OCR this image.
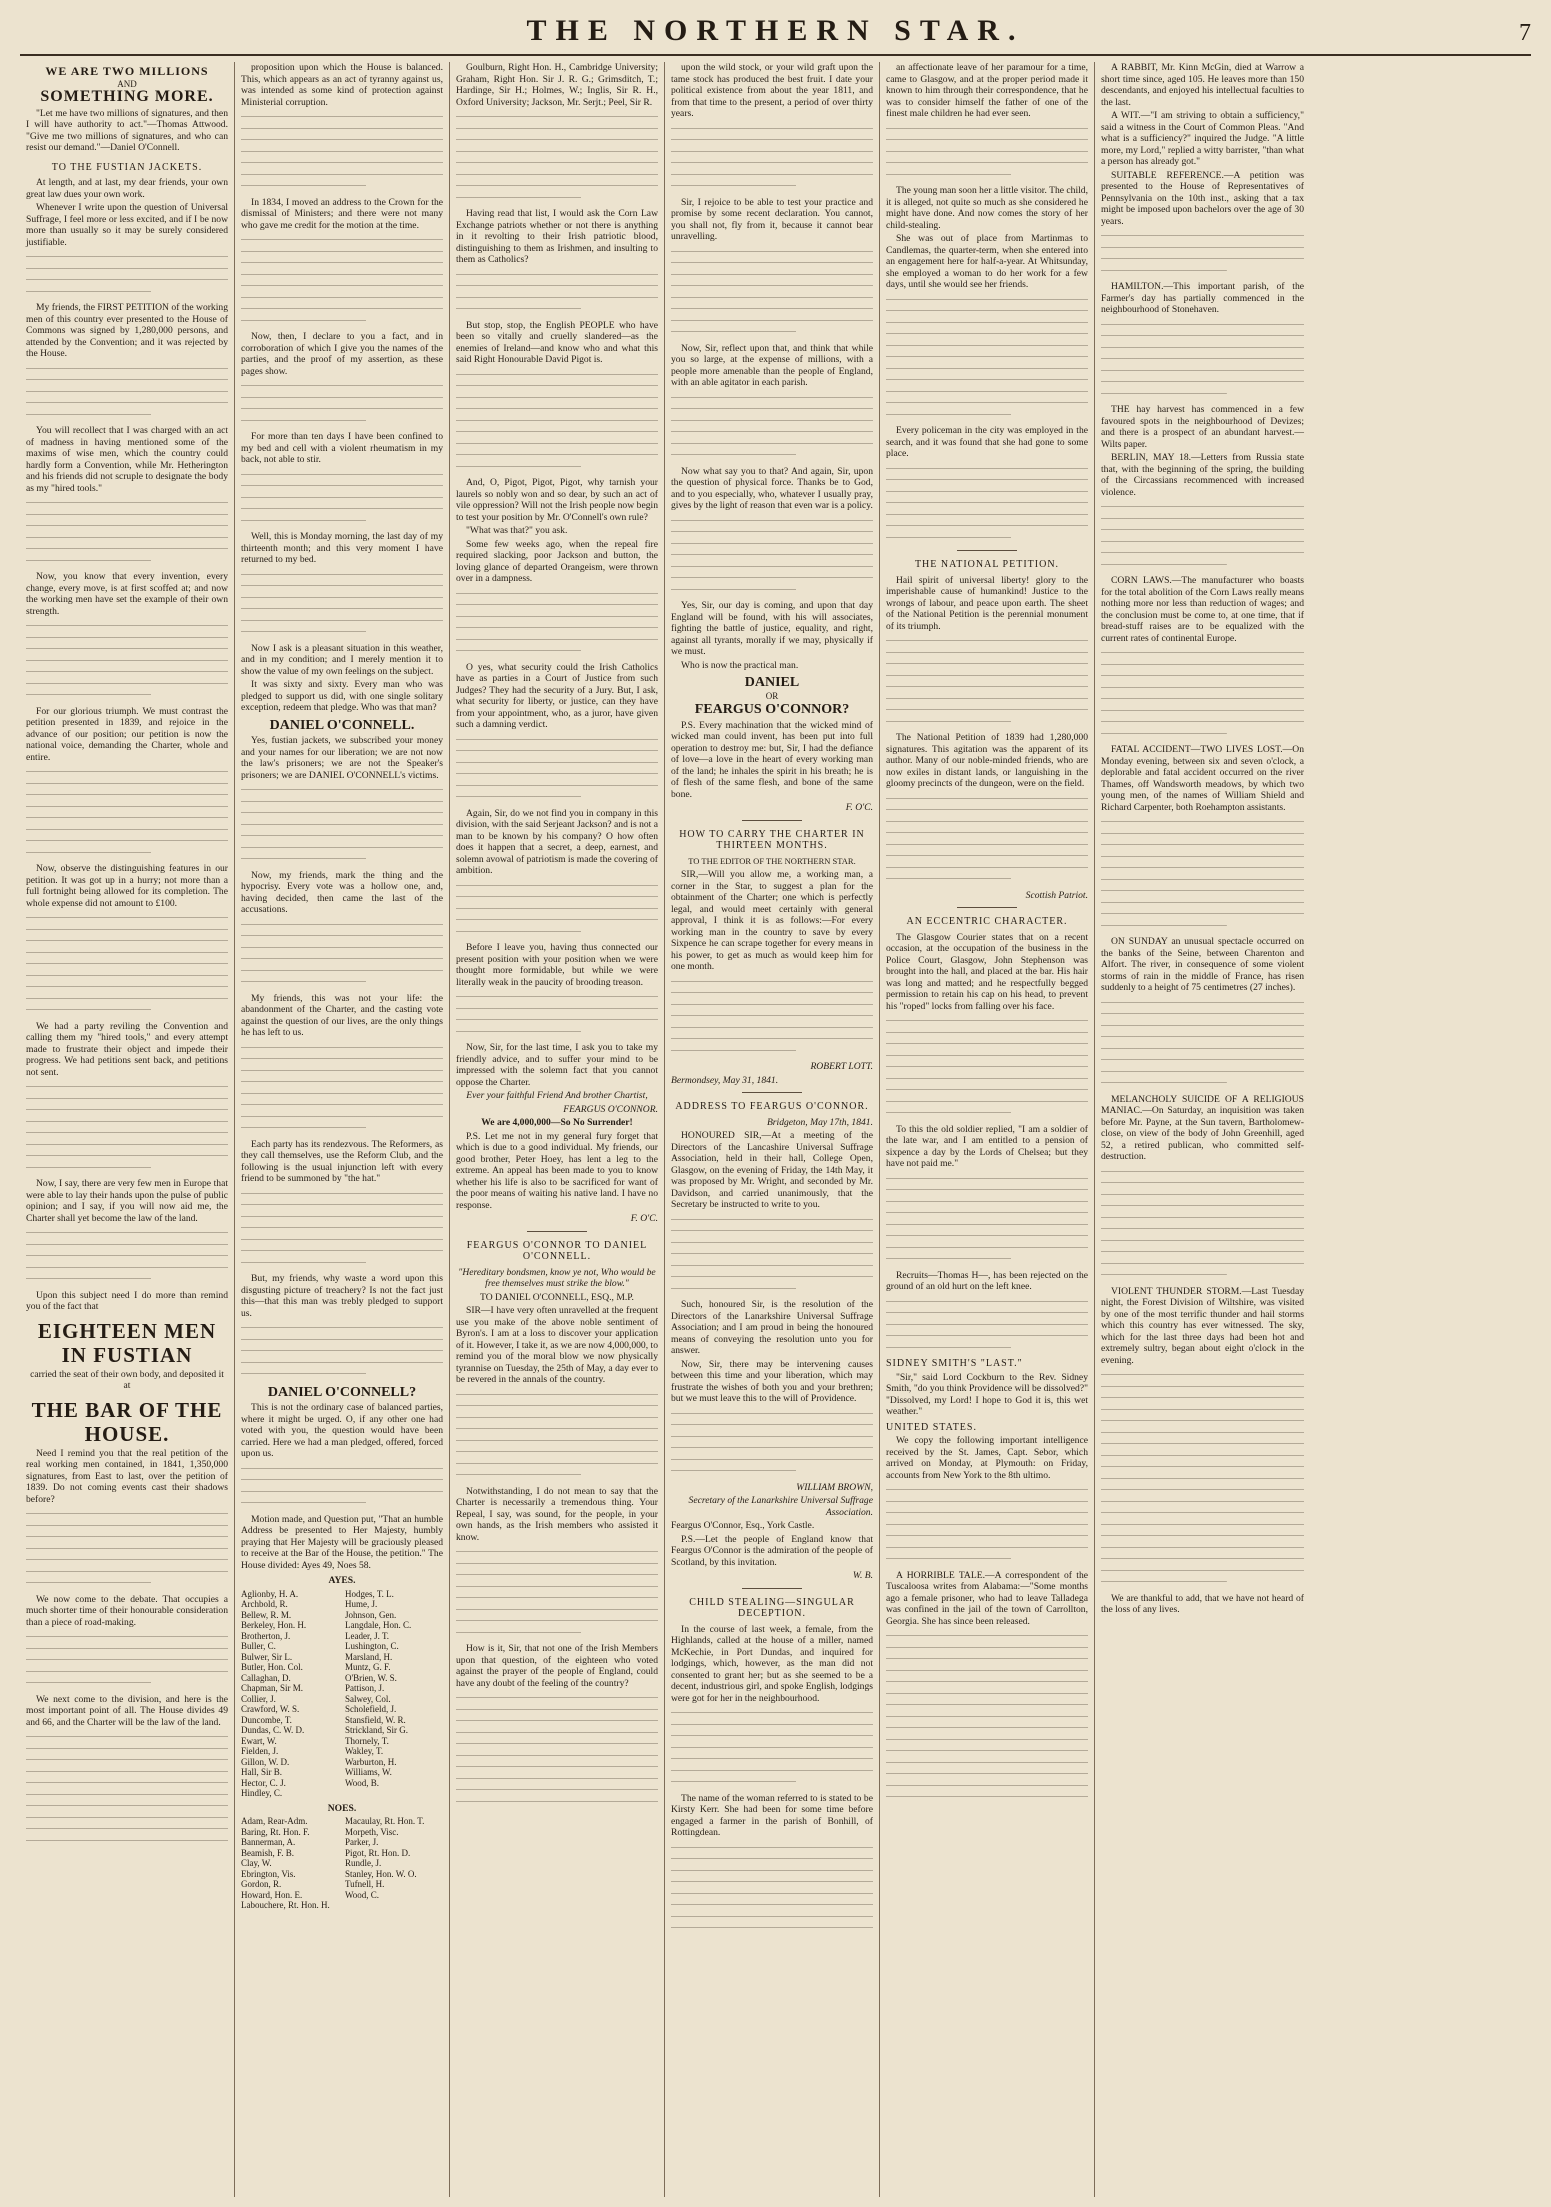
THE NORTHERN STAR.	7
WE ARE TWO MILLIONS
AND
SOMETHING MORE.

"Let me have two millions of signatures, and then I will have authority to act."—Thomas Attwood. "Give me two millions of signatures, and who can resist our demand."—Daniel O'Connell.

TO THE FUSTIAN JACKETS.

At length, and at last, my dear friends, your own great law dues your own work.

Whenever I write upon the question of Universal Suffrage, I feel more or less excited, and if I be now more than usually so it may be surely considered justifiable.

My friends, the FIRST PETITION of the working men of this country ever presented to the House of Commons was signed by 1,280,000 persons, and attended by the Convention; and it was rejected by the House.

You will recollect that I was charged with an act of madness in having mentioned some of the maxims of wise men, which the country could hardly form a Convention, while Mr. Hetherington and his friends did not scruple to designate the body as my "hired tools."

Now, you know that every invention, every change, every move, is at first scoffed at; and now the working men have set the example of their own strength.

For our glorious triumph. We must contrast the petition presented in 1839, and rejoice in the advance of our position; our petition is now the national voice, demanding the Charter, whole and entire.

Now, observe the distinguishing features in our petition. It was got up in a hurry; not more than a full fortnight being allowed for its completion. The whole expense did not amount to £100.

We had a party reviling the Convention and calling them my "hired tools," and every attempt made to frustrate their object and impede their progress. We had petitions sent back, and petitions not sent.

Now, I say, there are very few men in Europe that were able to lay their hands upon the pulse of public opinion; and I say, if you will now aid me, the Charter shall yet become the law of the land.

Upon this subject need I do more than remind you of the fact that

EIGHTEEN MEN IN FUSTIAN
carried the seat of their own body, and deposited it at
THE BAR OF THE HOUSE.

Need I remind you that the real petition of the real working men contained, in 1841, 1,350,000 signatures, from East to last, over the petition of 1839. Do not coming events cast their shadows before?

We now come to the debate. That occupies a much shorter time of their honourable consideration than a piece of road-making.

We next come to the division, and here is the most important point of all. The House divides 49 and 66, and the Charter will be the law of the land.

proposition upon which the House is balanced. This, which appears as an act of tyranny against us, was intended as some kind of protection against Ministerial corruption.

In 1834, I moved an address to the Crown for the dismissal of Ministers; and there were not many who gave me credit for the motion at the time.

Now, then, I declare to you a fact, and in corroboration of which I give you the names of the parties, and the proof of my assertion, as these pages show.

For more than ten days I have been confined to my bed and cell with a violent rheumatism in my back, not able to stir.

Well, this is Monday morning, the last day of my thirteenth month; and this very moment I have returned to my bed.

Now I ask is a pleasant situation in this weather, and in my condition; and I merely mention it to show the value of my own feelings on the subject.

It was sixty and sixty. Every man who was pledged to support us did, with one single solitary exception, redeem that pledge. Who was that man?

DANIEL O'CONNELL.

Yes, fustian jackets, we subscribed your money and your names for our liberation; we are not now the law's prisoners; we are not the Speaker's prisoners; we are DANIEL O'CONNELL's victims.

Now, my friends, mark the thing and the hypocrisy. Every vote was a hollow one, and, having decided, then came the last of the accusations.

My friends, this was not your life: the abandonment of the Charter, and the casting vote against the question of our lives, are the only things he has left to us.

Each party has its rendezvous. The Reformers, as they call themselves, use the Reform Club, and the following is the usual injunction left with every friend to be summoned by "the hat."

But, my friends, why waste a word upon this disgusting picture of treachery? Is not the fact just this—that this man was trebly pledged to support us.

DANIEL O'CONNELL?

This is not the ordinary case of balanced parties, where it might be urged. O, if any other one had voted with you, the question would have been carried. Here we had a man pledged, offered, forced upon us.

Motion made, and Question put, "That an humble Address be presented to Her Majesty, humbly praying that Her Majesty will be graciously pleased to receive at the Bar of the House, the petition." The House divided: Ayes 49, Noes 58.

AYES.
Aglionby, H. A.
Archbold, R.
Bellew, R. M.
Berkeley, Hon. H.
Brotherton, J.
Buller, C.
Bulwer, Sir L.
Butler, Hon. Col.
Callaghan, D.
Chapman, Sir M.
Collier, J.
Crawford, W. S.
Duncombe, T.
Dundas, C. W. D.
Ewart, W.
Fielden, J.
Gillon, W. D.
Hall, Sir B.
Hector, C. J.
Hindley, C.
Hodges, T. L.
Hume, J.
Johnson, Gen.
Langdale, Hon. C.
Leader, J. T.
Lushington, C.
Marsland, H.
Muntz, G. F.
O'Brien, W. S.
Pattison, J.
Salwey, Col.
Scholefield, J.
Stansfield, W. R.
Strickland, Sir G.
Thornely, T.
Wakley, T.
Warburton, H.
Williams, W.
Wood, B.
NOES.
Adam, Rear-Adm.
Baring, Rt. Hon. F.
Bannerman, A.
Beamish, F. B.
Clay, W.
Ebrington, Vis.
Gordon, R.
Howard, Hon. E.
Labouchere, Rt. Hon. H.
Macaulay, Rt. Hon. T.
Morpeth, Visc.
Parker, J.
Pigot, Rt. Hon. D.
Rundle, J.
Stanley, Hon. W. O.
Tufnell, H.
Wood, C.

Goulburn, Right Hon. H., Cambridge University; Graham, Right Hon. Sir J. R. G.; Grimsditch, T.; Hardinge, Sir H.; Holmes, W.; Inglis, Sir R. H., Oxford University; Jackson, Mr. Serjt.; Peel, Sir R.

Having read that list, I would ask the Corn Law Exchange patriots whether or not there is anything in it revolting to their Irish patriotic blood, distinguishing to them as Irishmen, and insulting to them as Catholics?

But stop, stop, the English PEOPLE who have been so vitally and cruelly slandered—as the enemies of Ireland—and know who and what this said Right Honourable David Pigot is.

And, O, Pigot, Pigot, Pigot, why tarnish your laurels so nobly won and so dear, by such an act of vile oppression? Will not the Irish people now begin to test your position by Mr. O'Connell's own rule?

"What was that?" you ask.

Some few weeks ago, when the repeal fire required slacking, poor Jackson and button, the loving glance of departed Orangeism, were thrown over in a dampness.

O yes, what security could the Irish Catholics have as parties in a Court of Justice from such Judges? They had the security of a Jury. But, I ask, what security for liberty, or justice, can they have from your appointment, who, as a juror, have given such a damning verdict.

Again, Sir, do we not find you in company in this division, with the said Serjeant Jackson? and is not a man to be known by his company? O how often does it happen that a secret, a deep, earnest, and solemn avowal of patriotism is made the covering of ambition.

Before I leave you, having thus connected our present position with your position when we were thought more formidable, but while we were literally weak in the paucity of brooding treason.

Now, Sir, for the last time, I ask you to take my friendly advice, and to suffer your mind to be impressed with the solemn fact that you cannot oppose the Charter.

Ever your faithful Friend And brother Chartist,
FEARGUS O'CONNOR.
We are 4,000,000—So No Surrender!

P.S. Let me not in my general fury forget that which is due to a good individual. My friends, our good brother, Peter Hoey, has lent a leg to the extreme. An appeal has been made to you to know whether his life is also to be sacrificed for want of the poor means of waiting his native land. I have no response.

F. O'C.
FEARGUS O'CONNOR TO DANIEL O'CONNELL.
"Hereditary bondsmen, know ye not, Who would be free themselves must strike the blow."
TO DANIEL O'CONNELL, ESQ., M.P.

SIR—I have very often unravelled at the frequent use you make of the above noble sentiment of Byron's. I am at a loss to discover your application of it. However, I take it, as we are now 4,000,000, to remind you of the moral blow we now physically tyrannise on Tuesday, the 25th of May, a day ever to be revered in the annals of the country.

Notwithstanding, I do not mean to say that the Charter is necessarily a tremendous thing. Your Repeal, I say, was sound, for the people, in your own hands, as the Irish members who assisted it know.

How is it, Sir, that not one of the Irish Members upon that question, of the eighteen who voted against the prayer of the people of England, could have any doubt of the feeling of the country?

upon the wild stock, or your wild graft upon the tame stock has produced the best fruit. I date your political existence from about the year 1811, and from that time to the present, a period of over thirty years.

Sir, I rejoice to be able to test your practice and promise by some recent declaration. You cannot, you shall not, fly from it, because it cannot bear unravelling.

Now, Sir, reflect upon that, and think that while you so large, at the expense of millions, with a people more amenable than the people of England, with an able agitator in each parish.

Now what say you to that? And again, Sir, upon the question of physical force. Thanks be to God, and to you especially, who, whatever I usually pray, gives by the light of reason that even war is a policy.

Yes, Sir, our day is coming, and upon that day England will be found, with his will associates, fighting the battle of justice, equality, and right, against all tyrants, morally if we may, physically if we must.

Who is now the practical man.

DANIEL
OR
FEARGUS O'CONNOR?

P.S. Every machination that the wicked mind of wicked man could invent, has been put into full operation to destroy me: but, Sir, I had the defiance of love—a love in the heart of every working man of the land; he inhales the spirit in his breath; he is of flesh of the same flesh, and bone of the same bone.

F. O'C.
HOW TO CARRY THE CHARTER IN THIRTEEN MONTHS.
TO THE EDITOR OF THE NORTHERN STAR.

SIR,—Will you allow me, a working man, a corner in the Star, to suggest a plan for the obtainment of the Charter; one which is perfectly legal, and would meet certainly with general approval, I think it is as follows:—For every working man in the country to save by every Sixpence he can scrape together for every means in his power, to get as much as would keep him for one month.

ROBERT LOTT.
Bermondsey, May 31, 1841.
ADDRESS TO FEARGUS O'CONNOR.
Bridgeton, May 17th, 1841.

HONOURED SIR,—At a meeting of the Directors of the Lancashire Universal Suffrage Association, held in their hall, College Open, Glasgow, on the evening of Friday, the 14th May, it was proposed by Mr. Wright, and seconded by Mr. Davidson, and carried unanimously, that the Secretary be instructed to write to you.

Such, honoured Sir, is the resolution of the Directors of the Lanarkshire Universal Suffrage Association; and I am proud in being the honoured means of conveying the resolution unto you for answer.

Now, Sir, there may be intervening causes between this time and your liberation, which may frustrate the wishes of both you and your brethren; but we must leave this to the will of Providence.

WILLIAM BROWN,
Secretary of the Lanarkshire Universal Suffrage Association.
Feargus O'Connor, Esq., York Castle.

P.S.—Let the people of England know that Feargus O'Connor is the admiration of the people of Scotland, by this invitation.

W. B.
CHILD STEALING—SINGULAR DECEPTION.

In the course of last week, a female, from the Highlands, called at the house of a miller, named McKechie, in Port Dundas, and inquired for lodgings, which, however, as the man did not consented to grant her; but as she seemed to be a decent, industrious girl, and spoke English, lodgings were got for her in the neighbourhood.

The name of the woman referred to is stated to be Kirsty Kerr. She had been for some time before engaged a farmer in the parish of Bonhill, of Rottingdean.

an affectionate leave of her paramour for a time, came to Glasgow, and at the proper period made it known to him through their correspondence, that he was to consider himself the father of one of the finest male children he had ever seen.

The young man soon her a little visitor. The child, it is alleged, not quite so much as she considered he might have done. And now comes the story of her child-stealing.

She was out of place from Martinmas to Candlemas, the quarter-term, when she entered into an engagement here for half-a-year. At Whitsunday, she employed a woman to do her work for a few days, until she would see her friends.

Every policeman in the city was employed in the search, and it was found that she had gone to some place.

THE NATIONAL PETITION.

Hail spirit of universal liberty! glory to the imperishable cause of humankind! Justice to the wrongs of labour, and peace upon earth. The sheet of the National Petition is the perennial monument of its triumph.

The National Petition of 1839 had 1,280,000 signatures. This agitation was the apparent of its author. Many of our noble-minded friends, who are now exiles in distant lands, or languishing in the gloomy precincts of the dungeon, were on the field.

Scottish Patriot.
AN ECCENTRIC CHARACTER.

The Glasgow Courier states that on a recent occasion, at the occupation of the business in the Police Court, Glasgow, John Stephenson was brought into the hall, and placed at the bar. His hair was long and matted; and he respectfully begged permission to retain his cap on his head, to prevent his "roped" locks from falling over his face.

To this the old soldier replied, "I am a soldier of the late war, and I am entitled to a pension of sixpence a day by the Lords of Chelsea; but they have not paid me."

Recruits—Thomas H—, has been rejected on the ground of an old hurt on the left knee.

SIDNEY SMITH'S "LAST."

"Sir," said Lord Cockburn to the Rev. Sidney Smith, "do you think Providence will be dissolved?" "Dissolved, my Lord! I hope to God it is, this wet weather."

UNITED STATES.

We copy the following important intelligence received by the St. James, Capt. Sebor, which arrived on Monday, at Plymouth: on Friday, accounts from New York to the 8th ultimo.

A HORRIBLE TALE.—A correspondent of the Tuscaloosa writes from Alabama:—"Some months ago a female prisoner, who had to leave Talladega was confined in the jail of the town of Carrollton, Georgia. She has since been released.

A RABBIT, Mr. Kinn McGin, died at Warrow a short time since, aged 105. He leaves more than 150 descendants, and enjoyed his intellectual faculties to the last.

A WIT.—"I am striving to obtain a sufficiency," said a witness in the Court of Common Pleas. "And what is a sufficiency?" inquired the Judge. "A little more, my Lord," replied a witty barrister, "than what a person has already got."

SUITABLE REFERENCE.—A petition was presented to the House of Representatives of Pennsylvania on the 10th inst., asking that a tax might be imposed upon bachelors over the age of 30 years.

HAMILTON.—This important parish, of the Farmer's day has partially commenced in the neighbourhood of Stonehaven.

THE hay harvest has commenced in a few favoured spots in the neighbourhood of Devizes; and there is a prospect of an abundant harvest.—Wilts paper.

BERLIN, MAY 18.—Letters from Russia state that, with the beginning of the spring, the building of the Circassians recommenced with increased violence.

CORN LAWS.—The manufacturer who boasts for the total abolition of the Corn Laws really means nothing more nor less than reduction of wages; and the conclusion must be come to, at one time, that if bread-stuff raises are to be equalized with the current rates of continental Europe.

FATAL ACCIDENT—TWO LIVES LOST.—On Monday evening, between six and seven o'clock, a deplorable and fatal accident occurred on the river Thames, off Wandsworth meadows, by which two young men, of the names of William Shield and Richard Carpenter, both Roehampton assistants.

ON SUNDAY an unusual spectacle occurred on the banks of the Seine, between Charenton and Alfort. The river, in consequence of some violent storms of rain in the middle of France, has risen suddenly to a height of 75 centimetres (27 inches).

MELANCHOLY SUICIDE OF A RELIGIOUS MANIAC.—On Saturday, an inquisition was taken before Mr. Payne, at the Sun tavern, Bartholomew-close, on view of the body of John Greenhill, aged 52, a retired publican, who committed self-destruction.

VIOLENT THUNDER STORM.—Last Tuesday night, the Forest Division of Wiltshire, was visited by one of the most terrific thunder and hail storms which this country has ever witnessed. The sky, which for the last three days had been hot and extremely sultry, began about eight o'clock in the evening.

We are thankful to add, that we have not heard of the loss of any lives.
